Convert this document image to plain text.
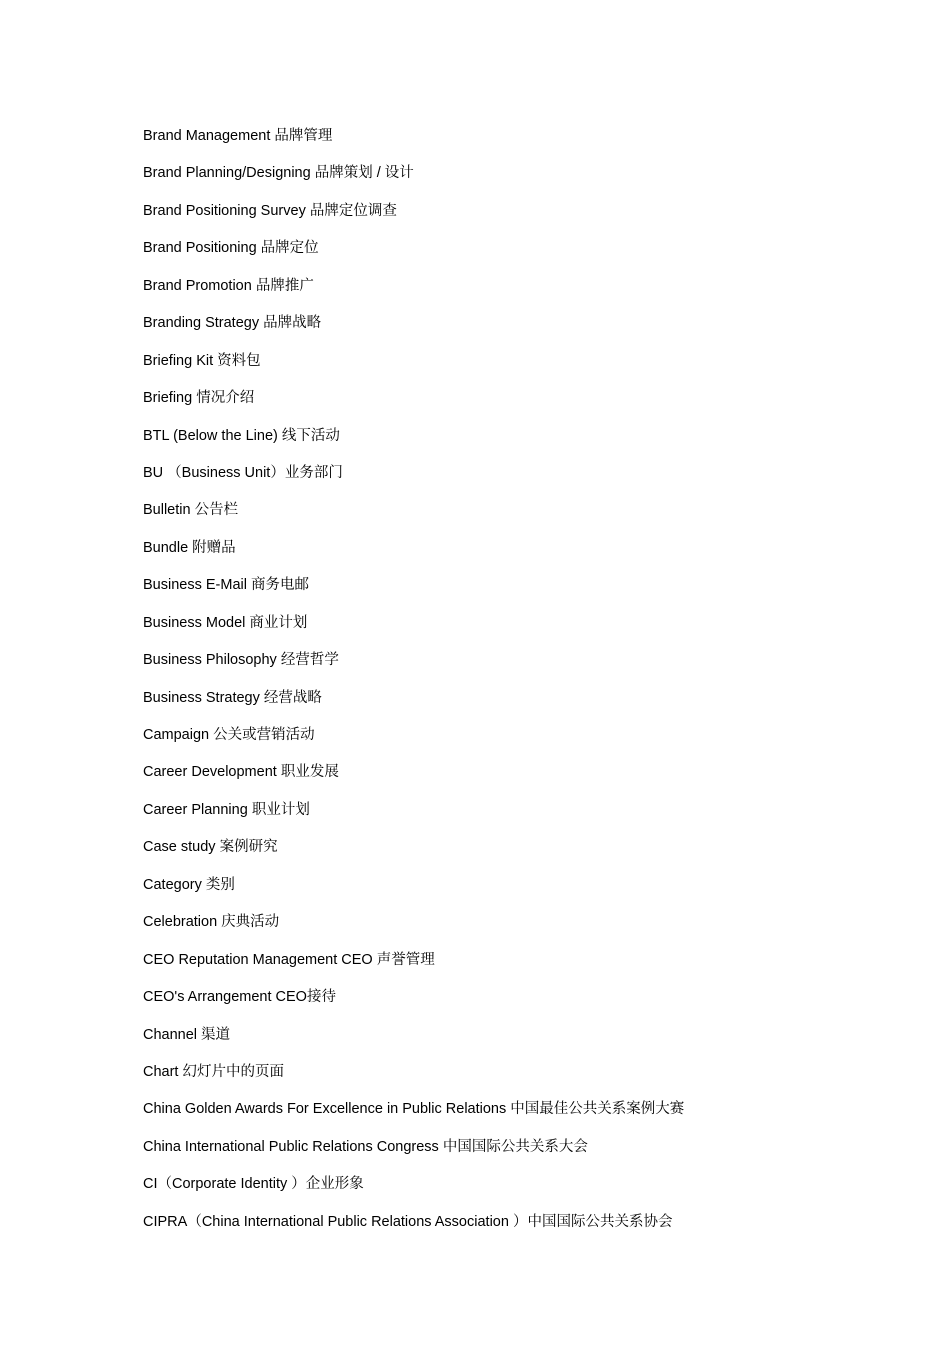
Brand Management 品牌管理
Brand Planning/Designing 品牌策划 / 设计
Brand Positioning Survey 品牌定位调查
Brand Positioning 品牌定位
Brand Promotion 品牌推广
Branding Strategy 品牌战略
Briefing Kit 资料包
Briefing 情况介绍
BTL (Below the Line) 线下活动
BU （Business Unit）业务部门
Bulletin 公告栏
Bundle 附赠品
Business E-Mail 商务电邮
Business Model 商业计划
Business Philosophy 经营哲学
Business Strategy 经营战略
Campaign 公关或营销活动
Career Development 职业发展
Career Planning 职业计划
Case study 案例研究
Category 类别
Celebration 庆典活动
CEO Reputation Management CEO 声誉管理
CEO's Arrangement CEO接待
Channel 渠道
Chart 幻灯片中的页面
China Golden Awards For Excellence in Public Relations 中国最佳公共关系案例大赛
China International Public Relations Congress 中国国际公共关系大会
CI（Corporate Identity ）企业形象
CIPRA（China International Public Relations Association ）中国国际公共关系协会
